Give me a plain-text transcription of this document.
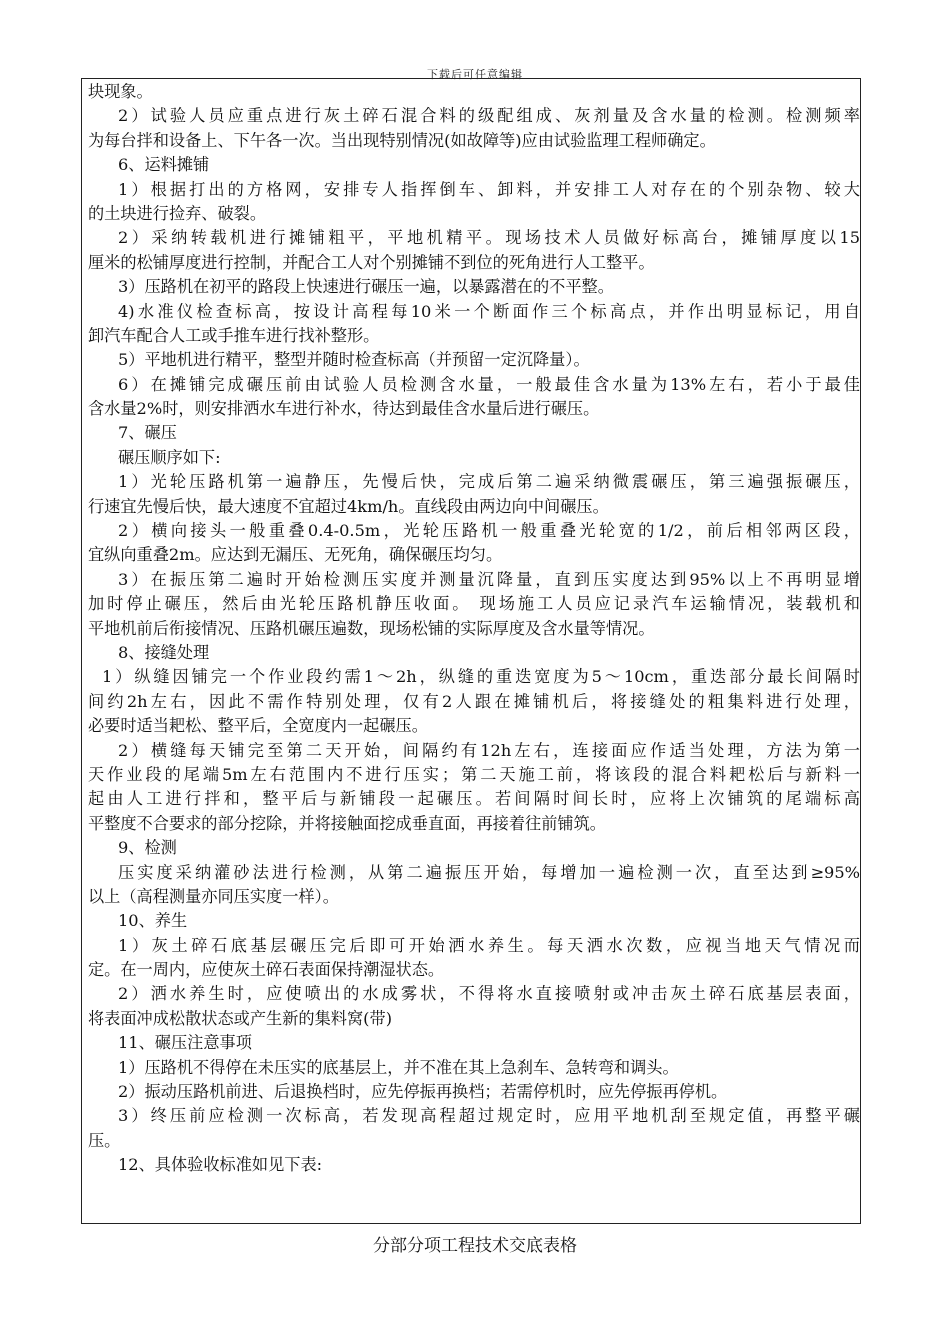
下载后可任意编辑
块现象。
2）试验人员应重点进行灰土碎石混合料的级配组成、灰剂量及含水量的检测。检测频率
为每台拌和设备上、下午各一次。当出现特别情况(如故障等)应由试验监理工程师确定。
6、运料摊铺
1）根据打出的方格网，安排专人指挥倒车、卸料，并安排工人对存在的个别杂物、较大
的土块进行捡弃、破裂。
2）采纳转载机进行摊铺粗平，平地机精平。现场技术人员做好标高台，摊铺厚度以15
厘米的松铺厚度进行控制，并配合工人对个别摊铺不到位的死角进行人工整平。
3）压路机在初平的路段上快速进行碾压一遍，以暴露潜在的不平整。
4)水准仪检查标高，按设计高程每10米一个断面作三个标高点，并作出明显标记，用自
卸汽车配合人工或手推车进行找补整形。
5）平地机进行精平，整型并随时检查标高（并预留一定沉降量）。
6）在摊铺完成碾压前由试验人员检测含水量，一般最佳含水量为13%左右，若小于最佳
含水量2%时，则安排洒水车进行补水，待达到最佳含水量后进行碾压。
7、碾压
碾压顺序如下:
1）光轮压路机第一遍静压，先慢后快，完成后第二遍采纳微震碾压，第三遍强振碾压，
行速宜先慢后快，最大速度不宜超过4km/h。直线段由两边向中间碾压。
2）横向接头一般重叠0.4-0.5m，光轮压路机一般重叠光轮宽的1/2，前后相邻两区段，
宜纵向重叠2m。应达到无漏压、无死角，确保碾压均匀。
3）在振压第二遍时开始检测压实度并测量沉降量，直到压实度达到95%以上不再明显增
加时停止碾压，然后由光轮压路机静压收面。 现场施工人员应记录汽车运输情况，装载机和
平地机前后衔接情况、压路机碾压遍数，现场松铺的实际厚度及含水量等情况。
8、接缝处理
1）纵缝因铺完一个作业段约需1～2h，纵缝的重迭宽度为5～10cm，重迭部分最长间隔时
间约2h左右，因此不需作特别处理，仅有2人跟在摊铺机后，将接缝处的粗集料进行处理，
必要时适当耙松、整平后，全宽度内一起碾压。
2）横缝每天铺完至第二天开始，间隔约有12h左右，连接面应作适当处理，方法为第一
天作业段的尾端5m左右范围内不进行压实；第二天施工前，将该段的混合料耙松后与新料一
起由人工进行拌和，整平后与新铺段一起碾压。若间隔时间长时，应将上次铺筑的尾端标高
平整度不合要求的部分挖除，并将接触面挖成垂直面，再接着往前铺筑。
9、检测
压实度采纳灌砂法进行检测，从第二遍振压开始，每增加一遍检测一次，直至达到≥95%
以上（高程测量亦同压实度一样）。
10、养生
1）灰土碎石底基层碾压完后即可开始洒水养生。每天洒水次数，应视当地天气情况而
定。在一周内，应使灰土碎石表面保持潮湿状态。
2）洒水养生时，应使喷出的水成雾状，不得将水直接喷射或冲击灰土碎石底基层表面，
将表面冲成松散状态或产生新的集料窝(带)
11、碾压注意事项
1）压路机不得停在未压实的底基层上，并不准在其上急刹车、急转弯和调头。
2）振动压路机前进、后退换档时，应先停振再换档；若需停机时，应先停振再停机。
3）终压前应检测一次标高，若发现高程超过规定时，应用平地机刮至规定值，再整平碾
压。
12、具体验收标准如见下表:
分部分项工程技术交底表格
